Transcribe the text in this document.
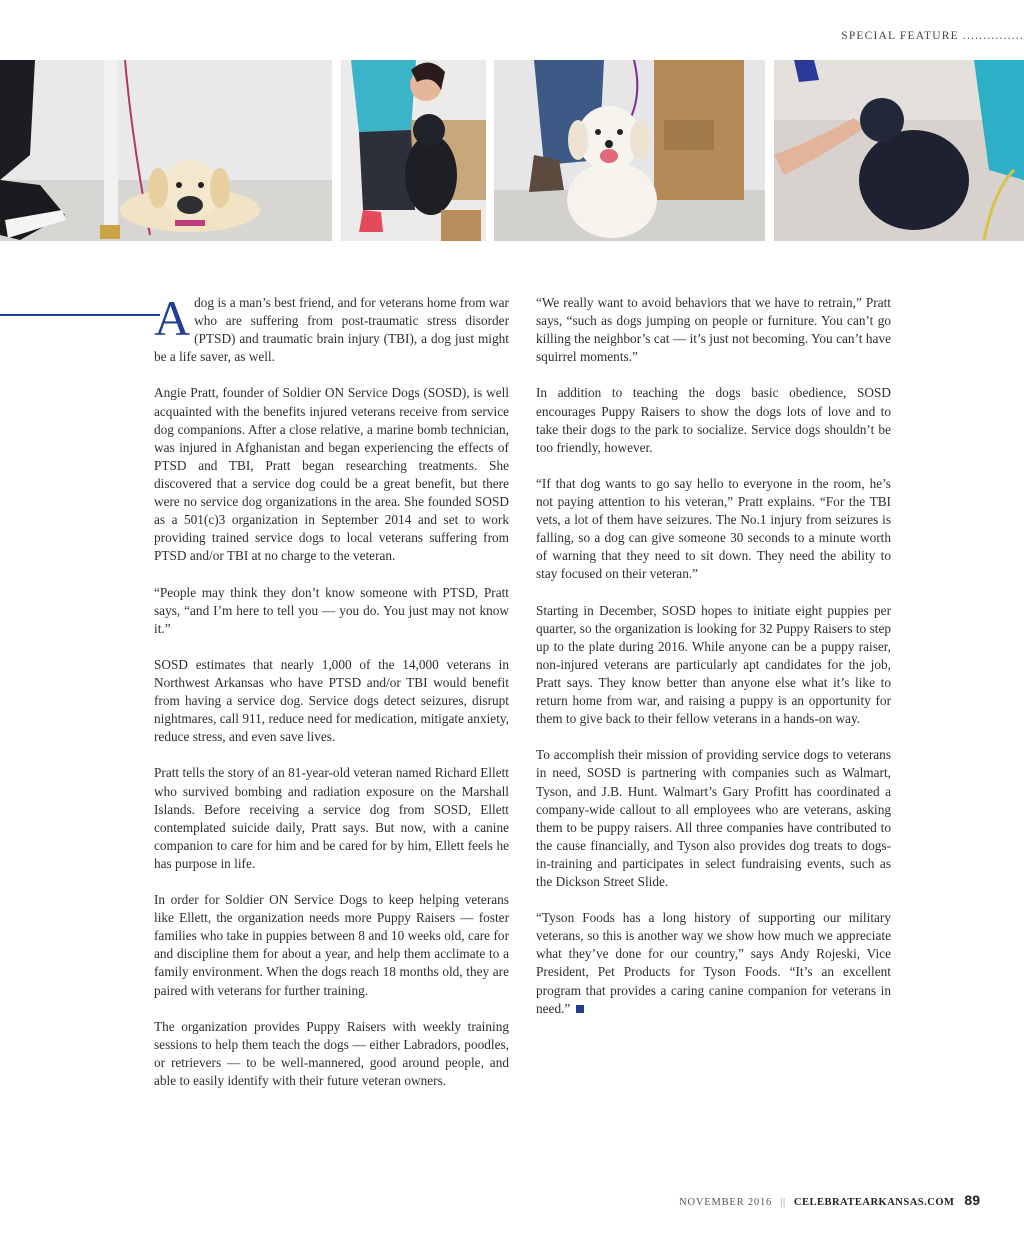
SPECIAL FEATURE ...............

A dog is a man’s best friend, and for veterans home from war who are suffering from post-traumatic stress disorder (PTSD) and traumatic brain injury (TBI), a dog just might be a life saver, as well.

Angie Pratt, founder of Soldier ON Service Dogs (SOSD), is well acquainted with the benefits injured veterans receive from service dog companions. After a close relative, a marine bomb technician, was injured in Afghanistan and began experiencing the effects of PTSD and TBI, Pratt began researching treatments. She discovered that a service dog could be a great benefit, but there were no service dog organizations in the area. She founded SOSD as a 501(c)3 organization in September 2014 and set to work providing trained service dogs to local veterans suffering from PTSD and/or TBI at no charge to the veteran.

“People may think they don’t know someone with PTSD, Pratt says, “and I’m here to tell you — you do. You just may not know it.”

SOSD estimates that nearly 1,000 of the 14,000 veterans in Northwest Arkansas who have PTSD and/or TBI would benefit from having a service dog. Service dogs detect seizures, disrupt nightmares, call 911, reduce need for medication, mitigate anxiety, reduce stress, and even save lives.

Pratt tells the story of an 81-year-old veteran named Richard Ellett who survived bombing and radiation exposure on the Marshall Islands. Before receiving a service dog from SOSD, Ellett contemplated suicide daily, Pratt says. But now, with a canine companion to care for him and be cared for by him, Ellett feels he has purpose in life.

In order for Soldier ON Service Dogs to keep helping veterans like Ellett, the organization needs more Puppy Raisers — foster families who take in puppies between 8 and 10 weeks old, care for and discipline them for about a year, and help them acclimate to a family environment. When the dogs reach 18 months old, they are paired with veterans for further training.

The organization provides Puppy Raisers with weekly training sessions to help them teach the dogs — either Labradors, poodles, or retrievers — to be well-mannered, good around people, and able to easily identify with their future veteran owners.

“We really want to avoid behaviors that we have to retrain,” Pratt says, “such as dogs jumping on people or furniture. You can’t go killing the neighbor’s cat — it’s just not becoming. You can’t have squirrel moments.”

In addition to teaching the dogs basic obedience, SOSD encourages Puppy Raisers to show the dogs lots of love and to take their dogs to the park to socialize. Service dogs shouldn’t be too friendly, however.

“If that dog wants to go say hello to everyone in the room, he’s not paying attention to his veteran,” Pratt explains. “For the TBI vets, a lot of them have seizures. The No.1 injury from seizures is falling, so a dog can give someone 30 seconds to a minute worth of warning that they need to sit down. They need the ability to stay focused on their veteran.”

Starting in December, SOSD hopes to initiate eight puppies per quarter, so the organization is looking for 32 Puppy Raisers to step up to the plate during 2016. While anyone can be a puppy raiser, non-injured veterans are particularly apt candidates for the job, Pratt says. They know better than anyone else what it’s like to return home from war, and raising a puppy is an opportunity for them to give back to their fellow veterans in a hands-on way.

To accomplish their mission of providing service dogs to veterans in need, SOSD is partnering with companies such as Walmart, Tyson, and J.B. Hunt. Walmart’s Gary Profitt has coordinated a company-wide callout to all employees who are veterans, asking them to be puppy raisers. All three companies have contributed to the cause financially, and Tyson also provides dog treats to dogs-in-training and participates in select fundraising events, such as the Dickson Street Slide.

“Tyson Foods has a long history of supporting our military veterans, so this is another way we show how much we appreciate what they’ve done for our country,” says Andy Rojeski, Vice President, Pet Products for Tyson Foods. “It’s an excellent program that provides a caring canine companion for veterans in need.”

NOVEMBER 2016 || CELEBRATEARKANSAS.COM 89
